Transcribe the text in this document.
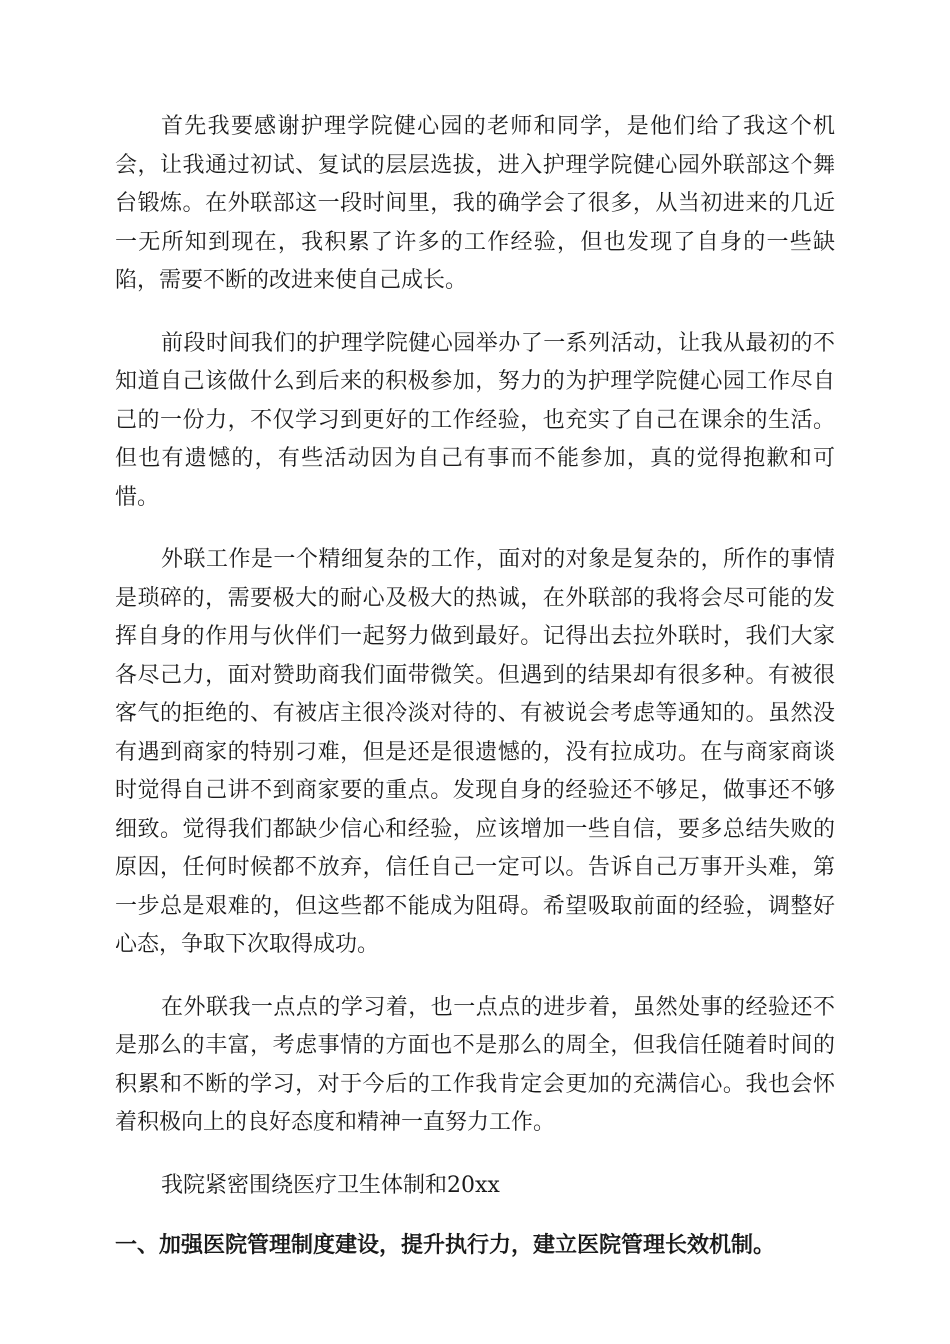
首先我要感谢护理学院健心园的老师和同学，是他们给了我这个机会，让我通过初试、复试的层层选拔，进入护理学院健心园外联部这个舞台锻炼。在外联部这一段时间里，我的确学会了很多，从当初进来的几近一无所知到现在，我积累了许多的工作经验，但也发现了自身的一些缺陷，需要不断的改进来使自己成长。

前段时间我们的护理学院健心园举办了一系列活动，让我从最初的不知道自己该做什么到后来的积极参加，努力的为护理学院健心园工作尽自己的一份力，不仅学习到更好的工作经验，也充实了自己在课余的生活。但也有遗憾的，有些活动因为自己有事而不能参加，真的觉得抱歉和可惜。

外联工作是一个精细复杂的工作，面对的对象是复杂的，所作的事情是琐碎的，需要极大的耐心及极大的热诚，在外联部的我将会尽可能的发挥自身的作用与伙伴们一起努力做到最好。记得出去拉外联时，我们大家各尽己力，面对赞助商我们面带微笑。但遇到的结果却有很多种。有被很客气的拒绝的、有被店主很冷淡对待的、有被说会考虑等通知的。虽然没有遇到商家的特别刁难，但是还是很遗憾的，没有拉成功。在与商家商谈时觉得自己讲不到商家要的重点。发现自身的经验还不够足，做事还不够细致。觉得我们都缺少信心和经验，应该增加一些自信，要多总结失败的原因，任何时候都不放弃，信任自己一定可以。告诉自己万事开头难，第一步总是艰难的，但这些都不能成为阻碍。希望吸取前面的经验，调整好心态，争取下次取得成功。

在外联我一点点的学习着，也一点点的进步着，虽然处事的经验还不是那么的丰富，考虑事情的方面也不是那么的周全，但我信任随着时间的积累和不断的学习，对于今后的工作我肯定会更加的充满信心。我也会怀着积极向上的良好态度和精神一直努力工作。

我院紧密围绕医疗卫生体制和20xx

一、加强医院管理制度建设，提升执行力，建立医院管理长效机制。
